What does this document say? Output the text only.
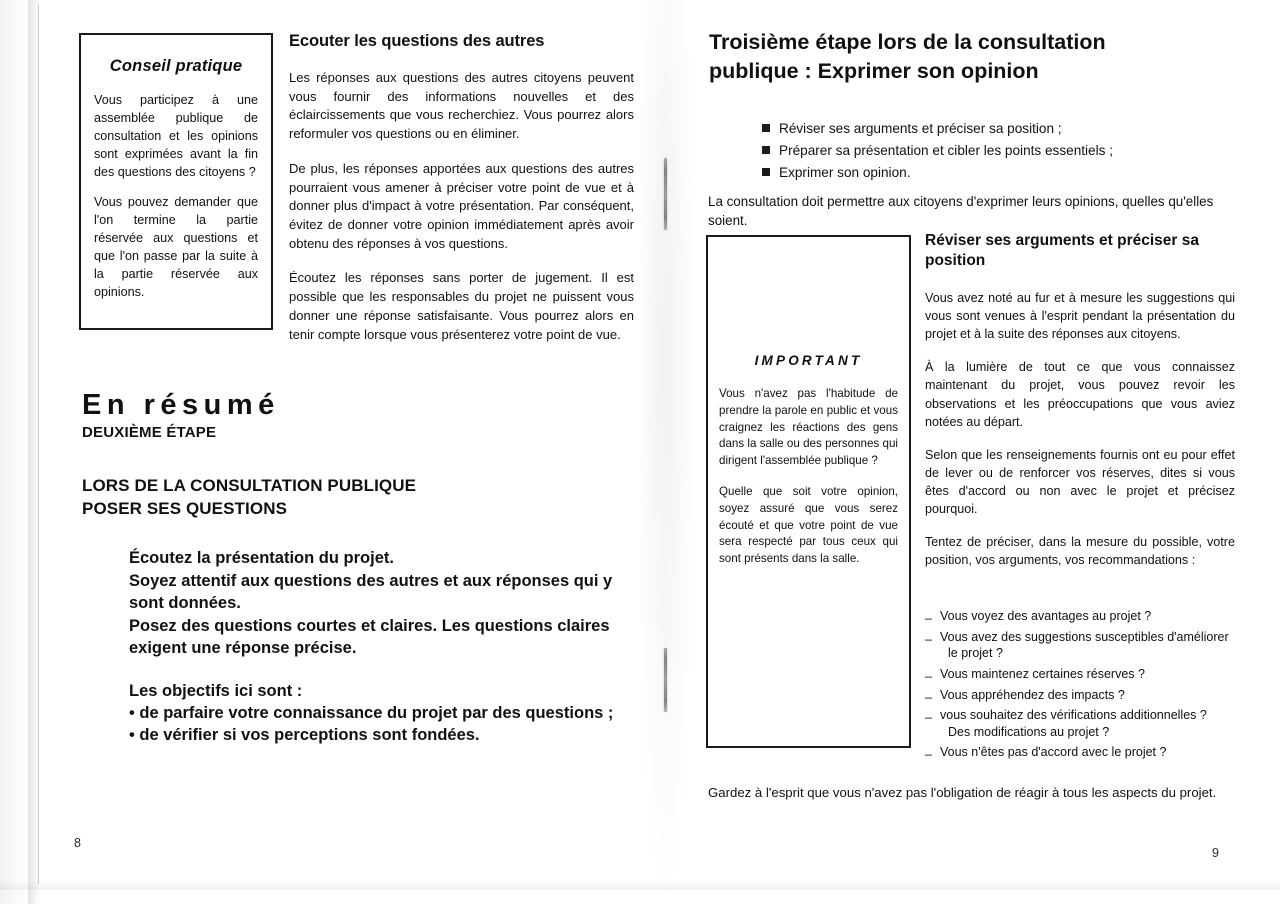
Conseil pratique

Vous participez à une assemblée publique de consultation et les opinions sont exprimées avant la fin des questions des citoyens ?

Vous pouvez demander que l'on termine la partie réservée aux questions et que l'on passe par la suite à la partie réservée aux opinions.

Ecouter les questions des autres

Les réponses aux questions des autres citoyens peuvent vous fournir des informations nouvelles et des éclaircissements que vous recherchiez. Vous pourrez alors reformuler vos questions ou en éliminer.

De plus, les réponses apportées aux questions des autres pourraient vous amener à préciser votre point de vue et à donner plus d'impact à votre présentation. Par conséquent, évitez de donner votre opinion immédiatement après avoir obtenu des réponses à vos questions.

Écoutez les réponses sans porter de jugement. Il est possible que les responsables du projet ne puissent vous donner une réponse satisfaisante. Vous pourrez alors en tenir compte lorsque vous présenterez votre point de vue.

En résumé
DEUXIÈME ÉTAPE
LORS DE LA CONSULTATION PUBLIQUE
POSER SES QUESTIONS
Écoutez la présentation du projet.
Soyez attentif aux questions des autres et aux réponses qui y sont données.
Posez des questions courtes et claires. Les questions claires exigent une réponse précise.
Les objectifs ici sont :
• de parfaire votre connaissance du projet par des questions ;
• de vérifier si vos perceptions sont fondées.
8
Troisième étape lors de la consultation
publique : Exprimer son opinion
Réviser ses arguments et préciser sa position ;
Préparer sa présentation et cibler les points essentiels ;
Exprimer son opinion.
La consultation doit permettre aux citoyens d'exprimer leurs opinions, quelles qu'elles soient.
IMPORTANT

Vous n'avez pas l'habitude de prendre la parole en public et vous craignez les réactions des gens dans la salle ou des personnes qui dirigent l'assemblée publique ?

Quelle que soit votre opinion, soyez assuré que vous serez écouté et que votre point de vue sera respecté par tous ceux qui sont présents dans la salle.

Réviser ses arguments et préciser sa position

Vous avez noté au fur et à mesure les suggestions qui vous sont venues à l'esprit pendant la présentation du projet et à la suite des réponses aux citoyens.

À la lumière de tout ce que vous connaissez maintenant du projet, vous pouvez revoir les observations et les préoccupations que vous aviez notées au départ.

Selon que les renseignements fournis ont eu pour effet de lever ou de renforcer vos réserves, dites si vous êtes d'accord ou non avec le projet et précisez pourquoi.

Tentez de préciser, dans la mesure du possible, votre position, vos arguments, vos recommandations :

_ Vous voyez des avantages au projet ?
_ Vous avez des suggestions susceptibles d'améliorer
le projet ?
_ Vous maintenez certaines réserves ?
_ Vous appréhendez des impacts ?
_ vous souhaitez des vérifications additionnelles ?
Des modifications au projet ?
_ Vous n'êtes pas d'accord avec le projet ?
Gardez à l'esprit que vous n'avez pas l'obligation de réagir à tous les aspects du projet.
9
